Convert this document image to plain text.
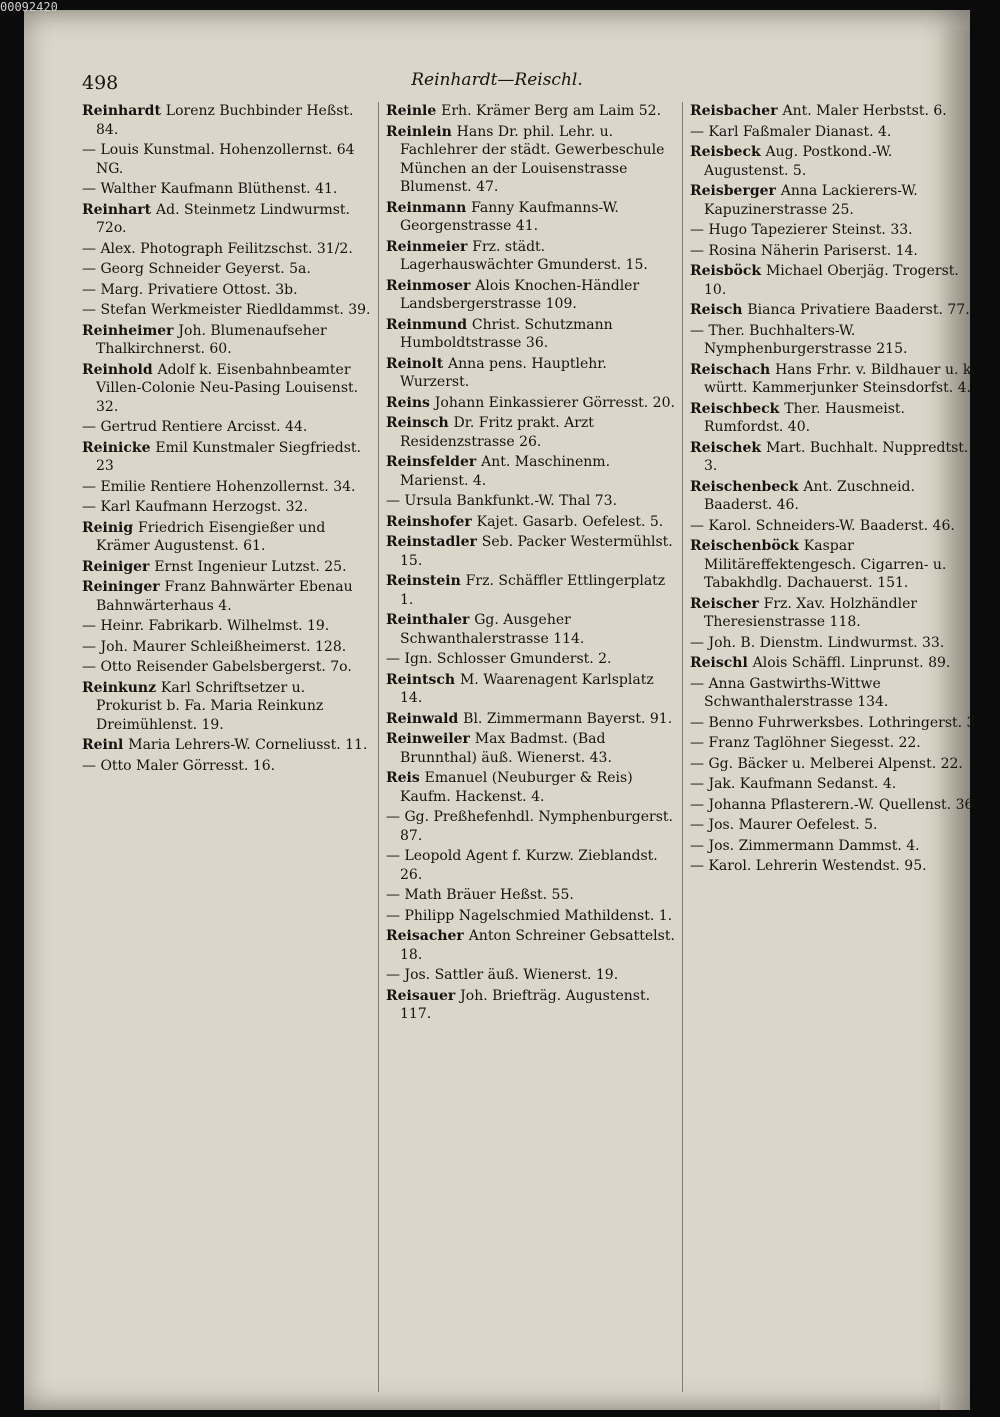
498	Reinhardt—Reischl.
Reinhardt Lorenz Buchbinder Heßst. 84.
— Louis Kunstmal. Hohenzollernst. 64 NG.
— Walther Kaufmann Blüthenst. 41.
Reinhart Ad. Steinmetz Lindwurmst. 72o.
— Alex. Photograph Feilitzschst. 31/2.
— Georg Schneider Geyerst. 5a.
— Marg. Privatiere Ottost. 3b.
— Stefan Werkmeister Riedldammst. 39.
Reinheimer Joh. Blumenaufseher Thalkirchnerst. 60.
Reinhold Adolf k. Eisenbahnbeamter Villen-Colonie Neu-Pasing Louisenst. 32.
— Gertrud Rentiere Arcisst. 44.
Reinicke Emil Kunstmaler Siegfriedst. 23
— Emilie Rentiere Hohenzollernst. 34.
— Karl Kaufmann Herzogst. 32.
Reinig Friedrich Eisengießer und Krämer Augustenst. 61.
Reiniger Ernst Ingenieur Lutzst. 25.
Reininger Franz Bahnwärter Ebenau Bahnwärterhaus 4.
— Heinr. Fabrikarb. Wilhelmst. 19.
— Joh. Maurer Schleißheimerst. 128.
— Otto Reisender Gabelsbergerst. 7o.
Reinkunz Karl Schriftsetzer u. Prokurist b. Fa. Maria Reinkunz Dreimühlenst. 19.
Reinl Maria Lehrers-W. Corneliusst. 11.
— Otto Maler Görresst. 16.
Reinle Erh. Krämer Berg am Laim 52.
Reinlein Hans Dr. phil. Lehr. u. Fachlehrer der städt. Gewerbeschule München an der Louisenstrasse Blumenst. 47.
Reinmann Fanny Kaufmanns-W. Georgenstrasse 41.
Reinmeier Frz. städt. Lagerhauswächter Gmunderst. 15.
Reinmoser Alois Knochen-Händler Landsbergerstrasse 109.
Reinmund Christ. Schutzmann Humboldtstrasse 36.
Reinolt Anna pens. Hauptlehr. Wurzerst.
Reins Johann Einkassierer Görresst. 20.
Reinsch Dr. Fritz prakt. Arzt Residenzstrasse 26.
Reinsfelder Ant. Maschinenm. Marienst. 4.
— Ursula Bankfunkt.-W. Thal 73.
Reinshofer Kajet. Gasarb. Oefelest. 5.
Reinstadler Seb. Packer Westermühlst. 15.
Reinstein Frz. Schäffler Ettlingerplatz 1.
Reinthaler Gg. Ausgeher Schwanthalerstrasse 114.
— Ign. Schlosser Gmunderst. 2.
Reintsch M. Waarenagent Karlsplatz 14.
Reinwald Bl. Zimmermann Bayerst. 91.
Reinweiler Max Badmst. (Bad Brunnthal) äuß. Wienerst. 43.
Reis Emanuel (Neuburger & Reis) Kaufm. Hackenst. 4.
— Gg. Preßhefenhdl. Nymphenburgerst. 87.
— Leopold Agent f. Kurzw. Zieblandst. 26.
— Math Bräuer Heßst. 55.
— Philipp Nagelschmied Mathildenst. 1.
Reisacher Anton Schreiner Gebsattelst. 18.
— Jos. Sattler äuß. Wienerst. 19.
Reisauer Joh. Briefträg. Augustenst. 117.
Reisbacher Ant. Maler Herbstst. 6.
— Karl Faßmaler Dianast. 4.
Reisbeck Aug. Postkond.-W. Augustenst. 5.
Reisberger Anna Lackierers-W. Kapuzinerstrasse 25.
— Hugo Tapezierer Steinst. 33.
— Rosina Näherin Pariserst. 14.
Reisböck Michael Oberjäg. Trogerst. 10.
Reisch Bianca Privatiere Baaderst. 77.
— Ther. Buchhalters-W. Nymphenburgerstrasse 215.
Reischach Hans Frhr. v. Bildhauer u. k. württ. Kammerjunker Steinsdorfst. 4.
Reischbeck Ther. Hausmeist. Rumfordst. 40.
Reischek Mart. Buchhalt. Nuppredtst. 3.
Reischenbeck Ant. Zuschneid. Baaderst. 46.
— Karol. Schneiders-W. Baaderst. 46.
Reischenböck Kaspar Militäreffektengesch. Cigarren- u. Tabakhdlg. Dachauerst. 151.
Reischer Frz. Xav. Holzhändler Theresienstrasse 118.
— Joh. B. Dienstm. Lindwurmst. 33.
Reischl Alois Schäffl. Linprunst. 89.
— Anna Gastwirths-Wittwe Schwanthalerstrasse 134.
— Benno Fuhrwerksbes. Lothringerst. 3.
— Franz Taglöhner Siegesst. 22.
— Gg. Bäcker u. Melberei Alpenst. 22.
— Jak. Kaufmann Sedanst. 4.
— Johanna Pflasterern.-W. Quellenst. 36.
— Jos. Maurer Oefelest. 5.
— Jos. Zimmermann Dammst. 4.
— Karol. Lehrerin Westendst. 95.
00092420
